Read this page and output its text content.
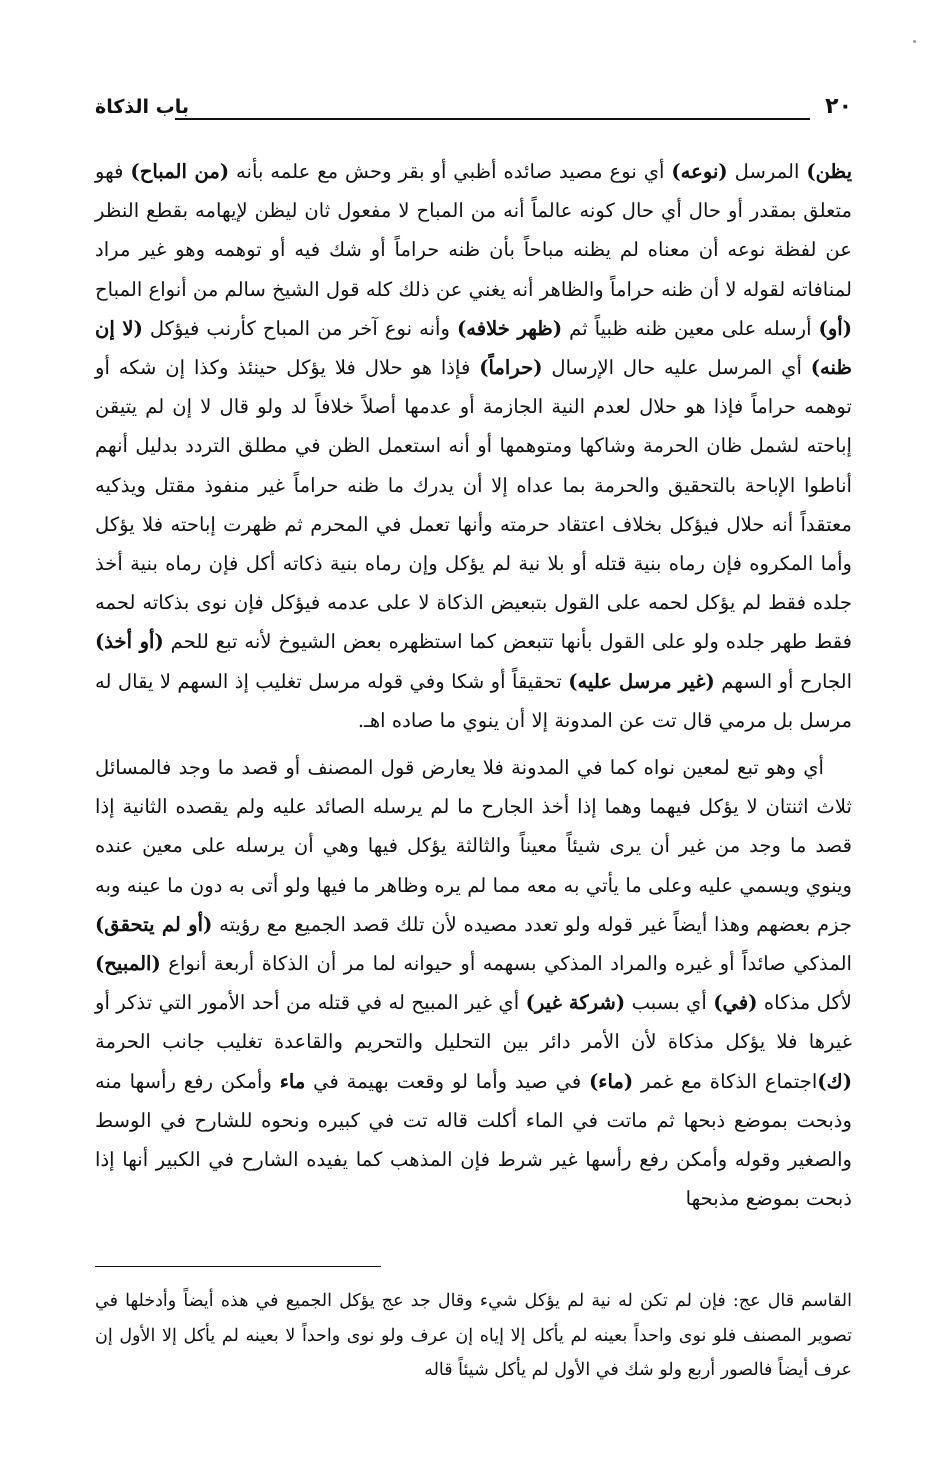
٢٠
باب الذكاة

يظن) المرسل (نوعه) أي نوع مصيد صائده أظبي أو بقر وحش مع علمه بأنه (من المباح) فهو متعلق بمقدر أو حال أي حال كونه عالماً أنه من المباح لا مفعول ثان ليظن لإيهامه بقطع النظر عن لفظة نوعه أن معناه لم يظنه مباحاً بأن ظنه حراماً أو شك فيه أو توهمه وهو غير مراد لمنافاته لقوله لا أن ظنه حراماً والظاهر أنه يغني عن ذلك كله قول الشيخ سالم من أنواع المباح (أو) أرسله على معين ظنه ظبياً ثم (ظهر خلافه) وأنه نوع آخر من المباح كأرنب فيؤكل (لا إن ظنه) أي المرسل عليه حال الإرسال (حراماً) فإذا هو حلال فلا يؤكل حينئذ وكذا إن شكه أو توهمه حراماً فإذا هو حلال لعدم النية الجازمة أو عدمها أصلاً خلافاً لد ولو قال لا إن لم يتيقن إباحته لشمل ظان الحرمة وشاكها ومتوهمها أو أنه استعمل الظن في مطلق التردد بدليل أنهم أناطوا الإباحة بالتحقيق والحرمة بما عداه إلا أن يدرك ما ظنه حراماً غير منفوذ مقتل ويذكيه معتقداً أنه حلال فيؤكل بخلاف اعتقاد حرمته وأنها تعمل في المحرم ثم ظهرت إباحته فلا يؤكل وأما المكروه فإن رماه بنية قتله أو بلا نية لم يؤكل وإن رماه بنية ذكاته أكل فإن رماه بنية أخذ جلده فقط لم يؤكل لحمه على القول بتبعيض الذكاة لا على عدمه فيؤكل فإن نوى بذكاته لحمه فقط طهر جلده ولو على القول بأنها تتبعض كما استظهره بعض الشيوخ لأنه تبع للحم (أو أخذ) الجارح أو السهم (غير مرسل عليه) تحقيقاً أو شكا وفي قوله مرسل تغليب إذ السهم لا يقال له مرسل بل مرمي قال تت عن المدونة إلا أن ينوي ما صاده اهـ.

أي وهو تبع لمعين نواه كما في المدونة فلا يعارض قول المصنف أو قصد ما وجد فالمسائل ثلاث اثنتان لا يؤكل فيهما وهما إذا أخذ الجارح ما لم يرسله الصائد عليه ولم يقصده الثانية إذا قصد ما وجد من غير أن يرى شيئاً معيناً والثالثة يؤكل فيها وهي أن يرسله على معين عنده وينوي ويسمي عليه وعلى ما يأتي به معه مما لم يره وظاهر ما فيها ولو أتى به دون ما عينه وبه جزم بعضهم وهذا أيضاً غير قوله ولو تعدد مصيده لأن تلك قصد الجميع مع رؤيته (أو لم يتحقق) المذكي صائداً أو غيره والمراد المذكي بسهمه أو حيوانه لما مر أن الذكاة أربعة أنواع (المبيح) لأكل مذكاه (في) أي بسبب (شركة غير) أي غير المبيح له في قتله من أحد الأمور التي تذكر أو غيرها فلا يؤكل مذكاة لأن الأمر دائر بين التحليل والتحريم والقاعدة تغليب جانب الحرمة (ك)اجتماع الذكاة مع غمر (ماء) في صيد وأما لو وقعت بهيمة في ماء وأمكن رفع رأسها منه وذبحت بموضع ذبحها ثم ماتت في الماء أكلت قاله تت في كبيره ونحوه للشارح في الوسط والصغير وقوله وأمكن رفع رأسها غير شرط فإن المذهب كما يفيده الشارح في الكبير أنها إذا ذبحت بموضع مذبحها

القاسم قال عج: فإن لم تكن له نية لم يؤكل شيء وقال جد عج يؤكل الجميع في هذه أيضاً وأدخلها في تصوير المصنف فلو نوى واحداً بعينه لم يأكل إلا إياه إن عرف ولو نوى واحداً لا بعينه لم يأكل إلا الأول إن عرف أيضاً فالصور أربع ولو شك في الأول لم يأكل شيئاً قاله
